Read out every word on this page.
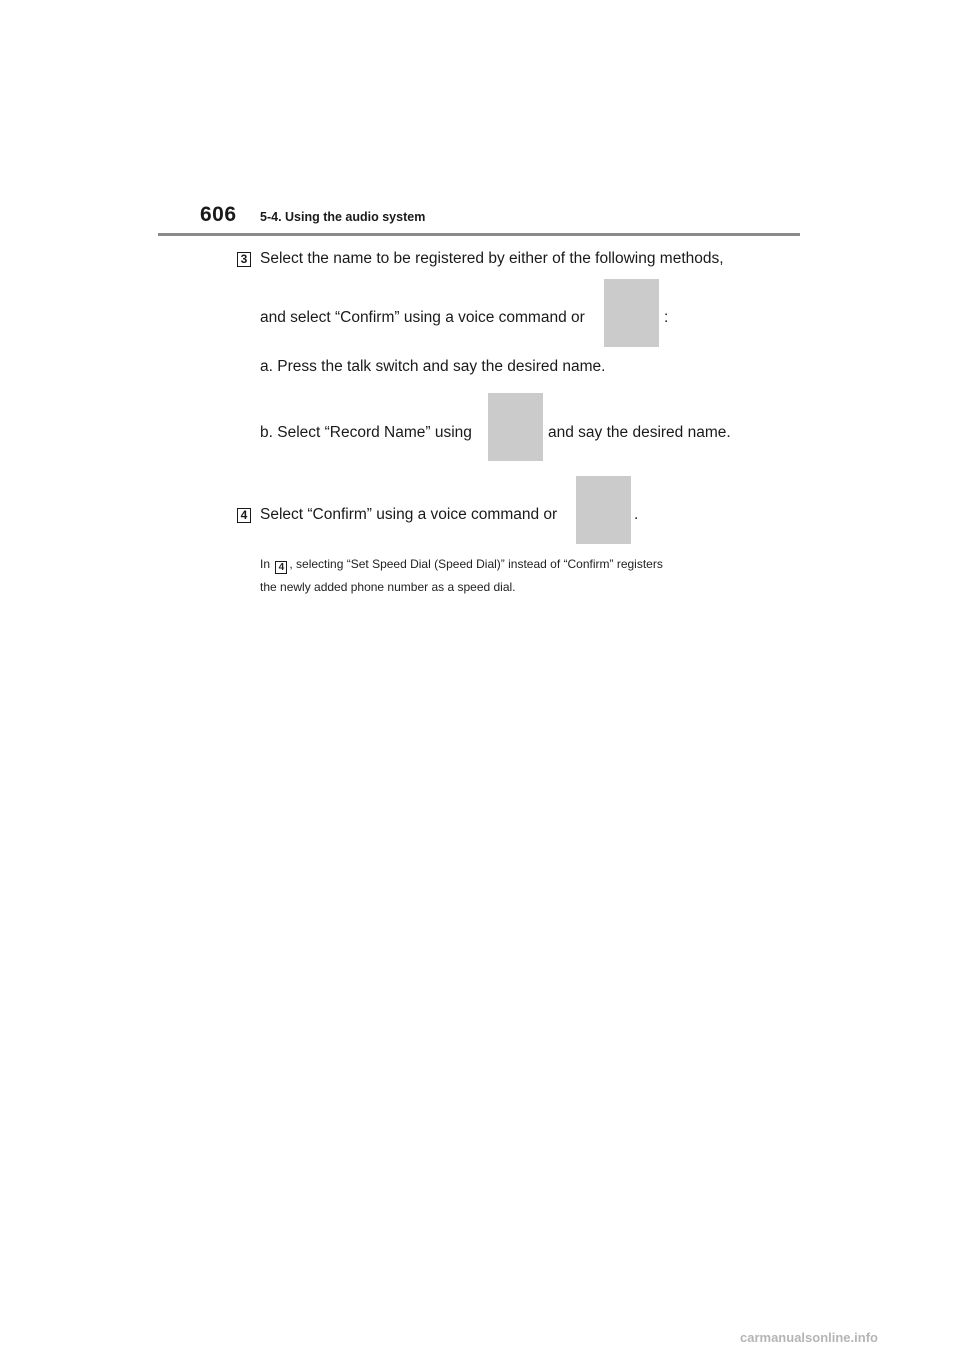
606 5-4. Using the audio system
3 Select the name to be registered by either of the following methods,
and select “Confirm” using a voice command or	:
a. Press the talk switch and say the desired name.
b. Select “Record Name” using	and say the desired name.
4 Select “Confirm” using a voice command or	.
In 4 , selecting “Set Speed Dial (Speed Dial)” instead of “Confirm” registers
the newly added phone number as a speed dial.
carmanualsonline.info
